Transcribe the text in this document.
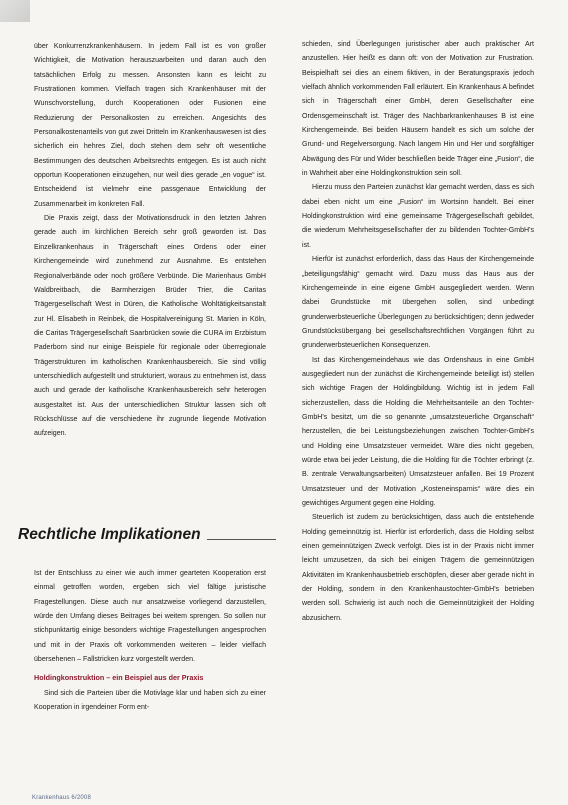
über Konkurrenzkrankenhäusern. In jedem Fall ist es von großer Wichtigkeit, die Motivation herauszuarbeiten und daran auch den tatsächlichen Erfolg zu messen. Ansonsten kann es leicht zu Frustrationen kommen. Vielfach tragen sich Krankenhäuser mit der Wunschvorstellung, durch Kooperationen oder Fusionen eine Reduzierung der Personalkosten zu erreichen. Angesichts des Personalkostenanteils von gut zwei Dritteln im Krankenhauswesen ist dies sicherlich ein hehres Ziel, doch stehen dem sehr oft wesentliche Bestimmungen des deutschen Arbeitsrechts entgegen. Es ist auch nicht opportun Kooperationen einzugehen, nur weil dies gerade „en vogue“ ist. Entscheidend ist vielmehr eine passgenaue Entwicklung der Zusammenarbeit im konkreten Fall.

Die Praxis zeigt, dass der Motivationsdruck in den letzten Jahren gerade auch im kirchlichen Bereich sehr groß geworden ist. Das Einzelkrankenhaus in Trägerschaft eines Ordens oder einer Kirchengemeinde wird zunehmend zur Ausnahme. Es entstehen Regionalverbände oder noch größere Verbünde. Die Marienhaus GmbH Waldbreitbach, die Barmherzigen Brüder Trier, die Caritas Trägergesellschaft West in Düren, die Katholische Wohltätigkeitsanstalt zur Hl. Elisabeth in Reinbek, die Hospitalvereinigung St. Marien in Köln, die Caritas Trägergesellschaft Saarbrücken sowie die CURA im Erzbistum Paderborn sind nur einige Beispiele für regionale oder überregionale Trägerstrukturen im katholischen Krankenhausbereich. Sie sind völlig unterschiedlich aufgestellt und strukturiert, woraus zu entnehmen ist, dass auch und gerade der katholische Krankenhausbereich sehr heterogen ausgestaltet ist. Aus der unterschiedlichen Struktur lassen sich oft Rückschlüsse auf die verschiedene ihr zugrunde liegende Motivation aufzeigen.

Rechtliche Implikationen

Ist der Entschluss zu einer wie auch immer gearteten Kooperation erst einmal getroffen worden, ergeben sich viel fältige juristische Fragestellungen. Diese auch nur ansatzweise vorliegend darzustellen, würde den Umfang dieses Beitrages bei weitem sprengen. So sollen nur stichpunktartig einige besonders wichtige Fragestellungen angesprochen und mit in der Praxis oft vorkommenden weiteren – leider vielfach übersehenen – Fallstricken kurz vorgestellt werden.

Holdingkonstruktion – ein Beispiel aus der Praxis

Sind sich die Parteien über die Motivlage klar und haben sich zu einer Kooperation in irgendeiner Form ent-

schieden, sind Überlegungen juristischer aber auch praktischer Art anzustellen. Hier heißt es dann oft: von der Motivation zur Frustration. Beispielhaft sei dies an einem fiktiven, in der Beratungspraxis jedoch vielfach ähnlich vorkommenden Fall erläutert. Ein Krankenhaus A befindet sich in Trägerschaft einer GmbH, deren Gesellschafter eine Ordensgemeinschaft ist. Träger des Nachbarkrankenhauses B ist eine Kirchengemeinde. Bei beiden Häusern handelt es sich um solche der Grund- und Regelversorgung. Nach langem Hin und Her und sorgfältiger Abwägung des Für und Wider beschließen beide Träger eine „Fusion“, die in Wahrheit aber eine Holdingkonstruktion sein soll.

Hierzu muss den Parteien zunächst klar gemacht werden, dass es sich dabei eben nicht um eine „Fusion“ im Wortsinn handelt. Bei einer Holdingkonstruktion wird eine gemeinsame Trägergesellschaft gebildet, die wiederum Mehrheitsgesellschafter der zu bildenden Tochter-GmbH's ist.

Hierfür ist zunächst erforderlich, dass das Haus der Kirchengemeinde „beteiligungsfähig“ gemacht wird. Dazu muss das Haus aus der Kirchengemeinde in eine eigene GmbH ausgegliedert werden. Wenn dabei Grundstücke mit übergehen sollen, sind unbedingt grunderwerbsteuerliche Überlegungen zu berücksichtigen; denn jedweder Grundstücksübergang bei gesellschaftsrechtlichen Vorgängen führt zu grunderwerbsteuerlichen Konsequenzen.

Ist das Kirchengemeindehaus wie das Ordenshaus in eine GmbH ausgegliedert nun der zunächst die Kirchengemeinde beteiligt ist) stellen sich wichtige Fragen der Holdingbildung. Wichtig ist in jedem Fall sicherzustellen, dass die Holding die Mehrheitsanteile an den Tochter-GmbH's besitzt, um die so genannte „umsatzsteuerliche Organschaft“ herzustellen, die bei Leistungsbeziehungen zwischen Tochter-GmbH's und Holding eine Umsatzsteuer vermeidet. Wäre dies nicht gegeben, würde etwa bei jeder Leistung, die die Holding für die Töchter erbringt (z. B. zentrale Verwaltungsarbeiten) Umsatzsteuer anfallen. Bei 19 Prozent Umsatzsteuer und der Motivation „Kosteneinsparnis“ wäre dies ein gewichtiges Argument gegen eine Holding.

Steuerlich ist zudem zu berücksichtigen, dass auch die entstehende Holding gemeinnützig ist. Hierfür ist erforderlich, dass die Holding selbst einen gemeinnützigen Zweck verfolgt. Dies ist in der Praxis nicht immer leicht umzusetzen, da sich bei einigen Trägern die gemeinnützigen Aktivitäten im Krankenhausbetrieb erschöpfen, dieser aber gerade nicht in der Holding, sondern in den Krankenhaustochter-GmbH's betrieben werden soll. Schwierig ist auch noch die Gemeinnützigkeit der Holding abzusichern.

Krankenhaus 6/2008
